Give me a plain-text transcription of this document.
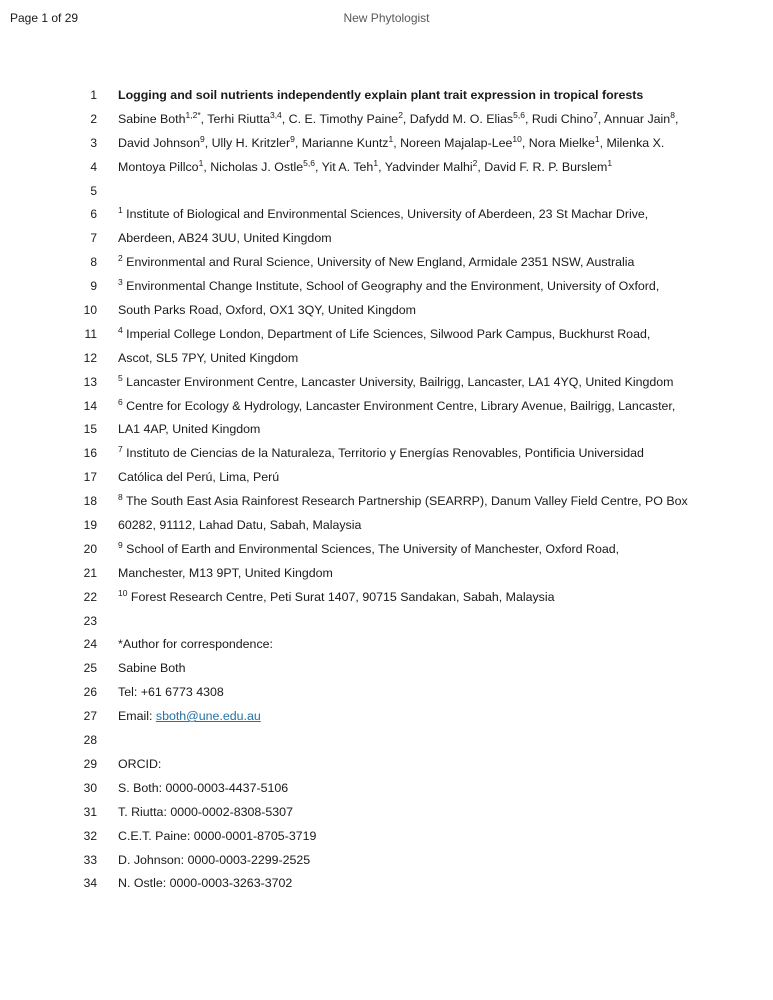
Page 1 of 29	New Phytologist
1 Logging and soil nutrients independently explain plant trait expression in tropical forests
2 Sabine Both$^{1,2*}$, Terhi Riutta$^{3,4}$, C. E. Timothy Paine$^2$, Dafydd M. O. Elias$^{5,6}$, Rudi Chino$^7$, Annuar Jain$^8$,
3 David Johnson$^9$, Ully H. Kritzler$^9$, Marianne Kuntz$^1$, Noreen Majalap-Lee$^{10}$, Nora Mielke$^1$, Milenka X.
4 Montoya Pillco$^1$, Nicholas J. Ostle$^{5,6}$, Yit A. Teh$^1$, Yadvinder Malhi$^2$, David F. R. P. Burslem$^1$
5
6 $^1$ Institute of Biological and Environmental Sciences, University of Aberdeen, 23 St Machar Drive,
7 Aberdeen, AB24 3UU, United Kingdom
8 $^2$ Environmental and Rural Science, University of New England, Armidale 2351 NSW, Australia
9 $^3$ Environmental Change Institute, School of Geography and the Environment, University of Oxford,
10 South Parks Road, Oxford, OX1 3QY, United Kingdom
11 $^4$ Imperial College London, Department of Life Sciences, Silwood Park Campus, Buckhurst Road,
12 Ascot, SL5 7PY, United Kingdom
13 $^5$ Lancaster Environment Centre, Lancaster University, Bailrigg, Lancaster, LA1 4YQ, United Kingdom
14 $^6$ Centre for Ecology & Hydrology, Lancaster Environment Centre, Library Avenue, Bailrigg, Lancaster,
15 LA1 4AP, United Kingdom
16 $^7$ Instituto de Ciencias de la Naturaleza, Territorio y Energías Renovables, Pontificia Universidad
17 Católica del Perú, Lima, Perú
18 $^8$ The South East Asia Rainforest Research Partnership (SEARRP), Danum Valley Field Centre, PO Box
19 60282, 91112, Lahad Datu, Sabah, Malaysia
20 $^9$ School of Earth and Environmental Sciences, The University of Manchester, Oxford Road,
21 Manchester, M13 9PT, United Kingdom
22 $^{10}$ Forest Research Centre, Peti Surat 1407, 90715 Sandakan, Sabah, Malaysia
23
24 *Author for correspondence:
25 Sabine Both
26 Tel: +61 6773 4308
27 Email: sboth@une.edu.au
28
29 ORCID:
30 S. Both: 0000-0003-4437-5106
31 T. Riutta: 0000-0002-8308-5307
32 C.E.T. Paine: 0000-0001-8705-3719
33 D. Johnson: 0000-0003-2299-2525
34 N. Ostle: 0000-0003-3263-3702
